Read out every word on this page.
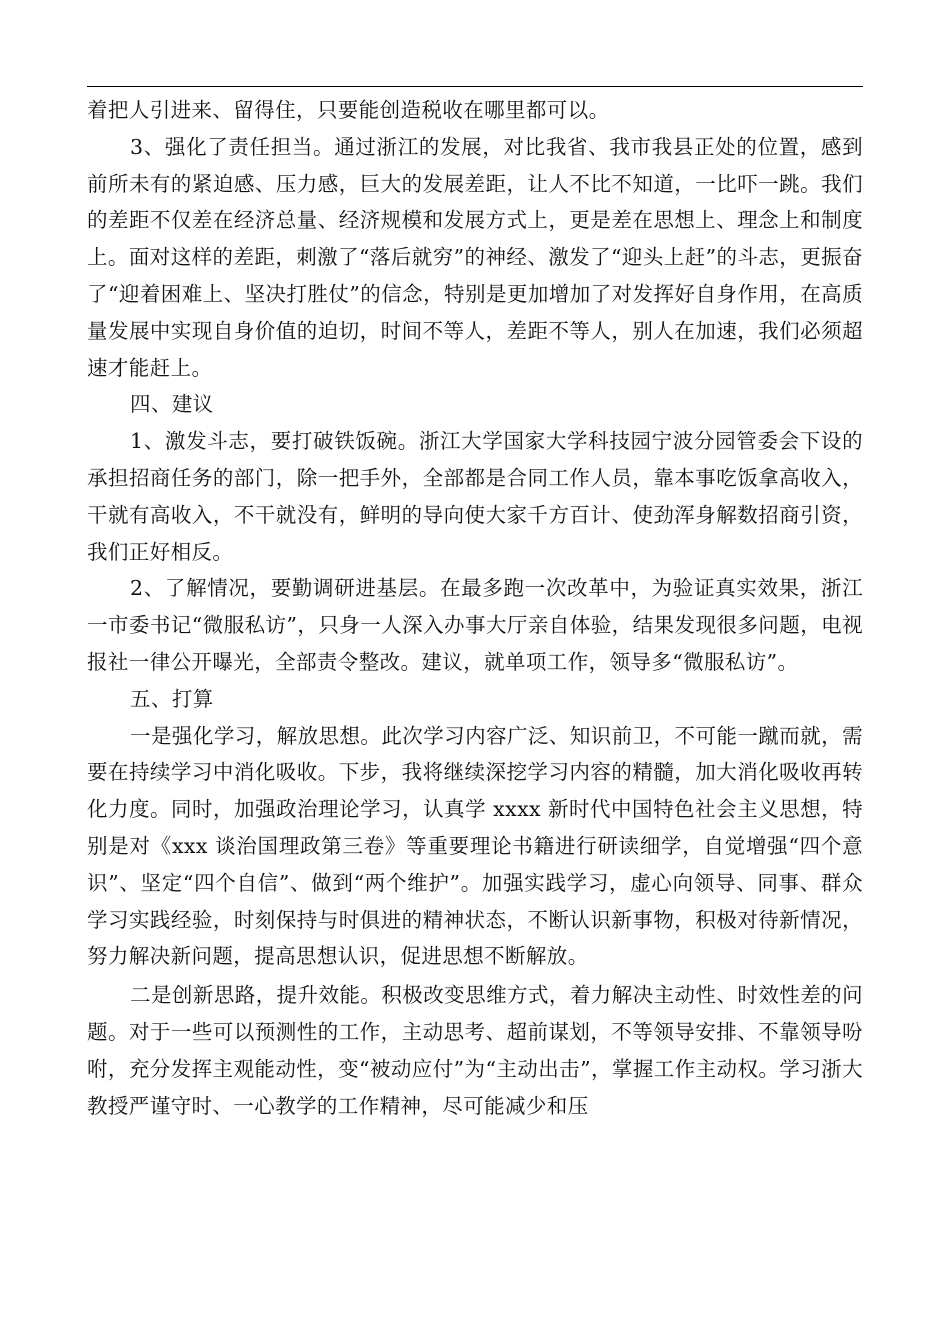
着把人引进来、留得住，只要能创造税收在哪里都可以。

3、强化了责任担当。通过浙江的发展，对比我省、我市我县正处的位置，感到前所未有的紧迫感、压力感，巨大的发展差距，让人不比不知道，一比吓一跳。我们的差距不仅差在经济总量、经济规模和发展方式上，更是差在思想上、理念上和制度上。面对这样的差距，刺激了“落后就穷”的神经、激发了“迎头上赶”的斗志，更振奋了“迎着困难上、坚决打胜仗”的信念，特别是更加增加了对发挥好自身作用，在高质量发展中实现自身价值的迫切，时间不等人，差距不等人，别人在加速，我们必须超速才能赶上。

四、建议

1、激发斗志，要打破铁饭碗。浙江大学国家大学科技园宁波分园管委会下设的承担招商任务的部门，除一把手外，全部都是合同工作人员，靠本事吃饭拿高收入，干就有高收入，不干就没有，鲜明的导向使大家千方百计、使劲浑身解数招商引资，我们正好相反。

2、了解情况，要勤调研进基层。在最多跑一次改革中，为验证真实效果，浙江一市委书记“微服私访”，只身一人深入办事大厅亲自体验，结果发现很多问题，电视报社一律公开曝光，全部责令整改。建议，就单项工作，领导多“微服私访”。

五、打算

一是强化学习，解放思想。此次学习内容广泛、知识前卫，不可能一蹴而就，需要在持续学习中消化吸收。下步，我将继续深挖学习内容的精髓，加大消化吸收再转化力度。同时，加强政治理论学习，认真学 xxxx 新时代中国特色社会主义思想，特别是对《xxx 谈治国理政第三卷》等重要理论书籍进行研读细学，自觉增强“四个意识”、坚定“四个自信”、做到“两个维护”。加强实践学习，虚心向领导、同事、群众学习实践经验，时刻保持与时俱进的精神状态，不断认识新事物，积极对待新情况，努力解决新问题，提高思想认识，促进思想不断解放。

二是创新思路，提升效能。积极改变思维方式，着力解决主动性、时效性差的问题。对于一些可以预测性的工作，主动思考、超前谋划，不等领导安排、不靠领导吩咐，充分发挥主观能动性，变“被动应付”为“主动出击”，掌握工作主动权。学习浙大教授严谨守时、一心教学的工作精神，尽可能减少和压
